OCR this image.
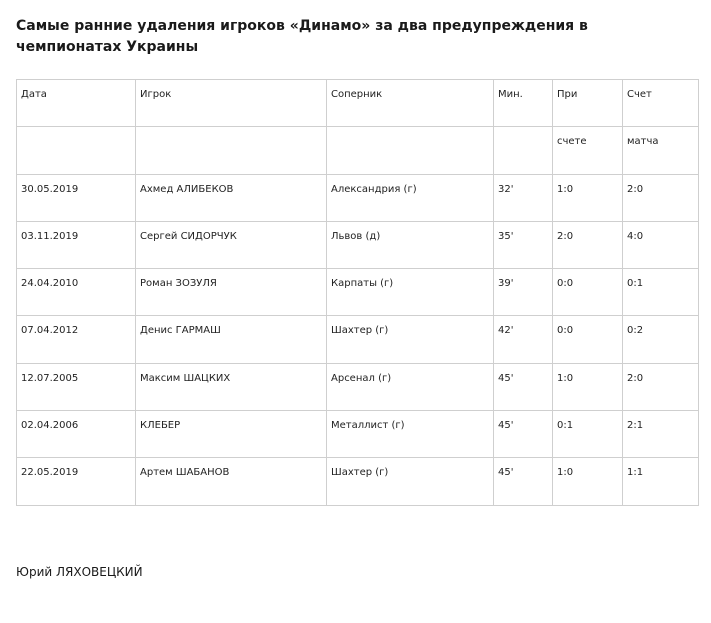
Самые ранние удаления игроков «Динамо» за два предупреждения в чемпионатах Украины
Дата	Игрок	Соперник	Мин.	При	Счет
				счете	матча
30.05.2019	Ахмед АЛИБЕКОВ	Александрия (г)	32'	1:0	2:0
03.11.2019	Сергей СИДОРЧУК	Львов (д)	35'	2:0	4:0
24.04.2010	Роман ЗОЗУЛЯ	Карпаты (г)	39'	0:0	0:1
07.04.2012	Денис ГАРМАШ	Шахтер (г)	42'	0:0	0:2
12.07.2005	Максим ШАЦКИХ	Арсенал (г)	45'	1:0	2:0
02.04.2006	КЛЕБЕР	Металлист (г)	45'	0:1	2:1
22.05.2019	Артем ШАБАНОВ	Шахтер (г)	45'	1:0	1:1
Юрий ЛЯХОВЕЦКИЙ
